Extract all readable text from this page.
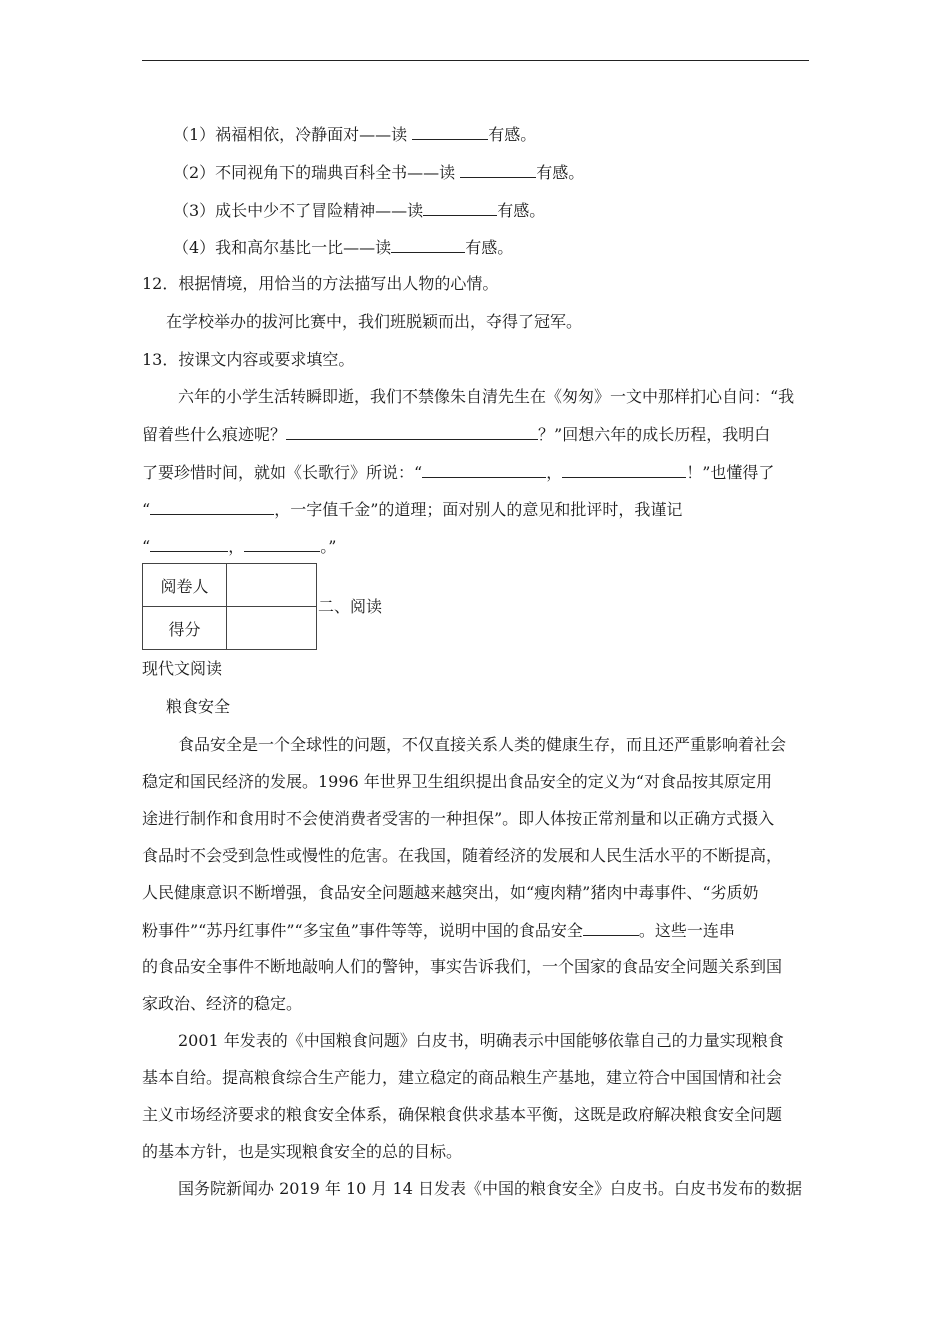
（1）祸福相依，冷静面对——读	有感。
（2）不同视角下的瑞典百科全书——读	有感。
（3）成长中少不了冒险精神——读	有感。
（4）我和高尔基比一比——读	有感。
12．根据情境，用恰当的方法描写出人物的心情。
在学校举办的拔河比赛中，我们班脱颖而出，夺得了冠军。
13．按课文内容或要求填空。
六年的小学生活转瞬即逝，我们不禁像朱自清先生在《匆匆》一文中那样扪心自问：“我
留着些什么痕迹呢？	？”回想六年的成长历程，我明白
了要珍惜时间，就如《长歌行》所说：“	，	！”也懂得了
“	，一字值千金”的道理；面对别人的意见和批评时，我谨记
“	，	。”
阅卷人	
得分	
二、阅读
现代文阅读
粮食安全
食品安全是一个全球性的问题，不仅直接关系人类的健康生存，而且还严重影响着社会
稳定和国民经济的发展。1996 年世界卫生组织提出食品安全的定义为“对食品按其原定用
途进行制作和食用时不会使消费者受害的一种担保”。即人体按正常剂量和以正确方式摄入
食品时不会受到急性或慢性的危害。在我国，随着经济的发展和人民生活水平的不断提高，
人民健康意识不断增强，食品安全问题越来越突出，如“瘦肉精”猪肉中毒事件、“劣质奶
粉事件”“苏丹红事件”“多宝鱼”事件等等，说明中国的食品安全	。这些一连串
的食品安全事件不断地敲响人们的警钟，事实告诉我们，一个国家的食品安全问题关系到国
家政治、经济的稳定。
2001 年发表的《中国粮食问题》白皮书，明确表示中国能够依靠自己的力量实现粮食
基本自给。提高粮食综合生产能力，建立稳定的商品粮生产基地，建立符合中国国情和社会
主义市场经济要求的粮食安全体系，确保粮食供求基本平衡，这既是政府解决粮食安全问题
的基本方针，也是实现粮食安全的总的目标。
国务院新闻办 2019 年 10 月 14 日发表《中国的粮食安全》白皮书。白皮书发布的数据
